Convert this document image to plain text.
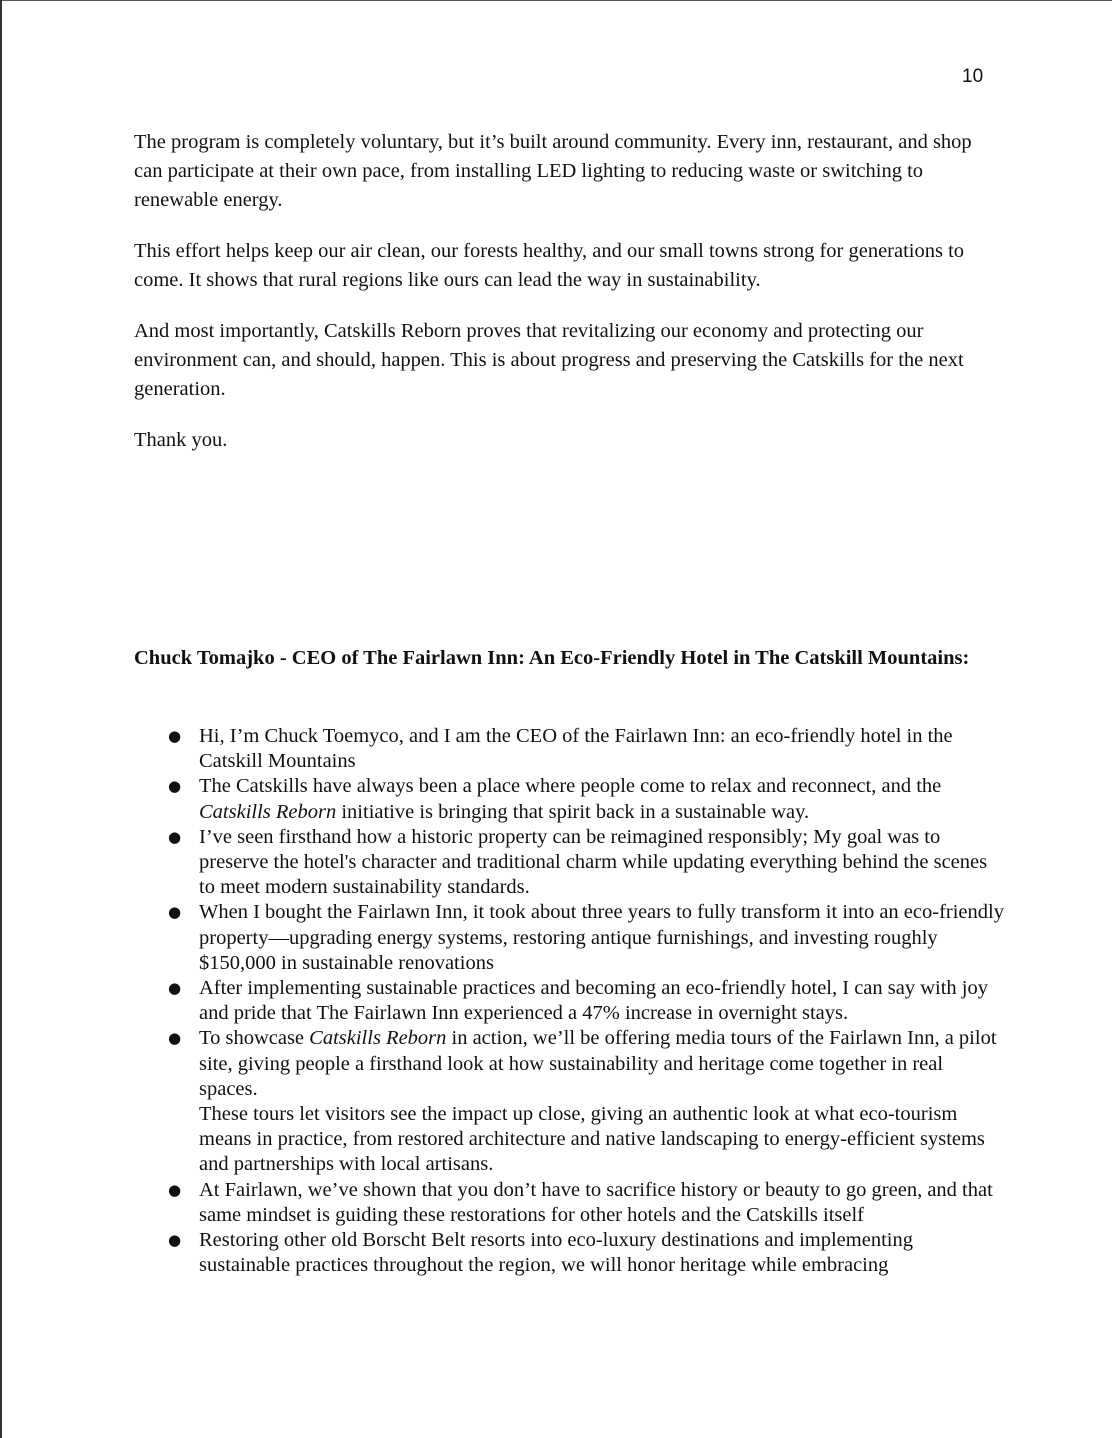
10

The program is completely voluntary, but it’s built around community. Every inn, restaurant, and shop can participate at their own pace, from installing LED lighting to reducing waste or switching to renewable energy.

This effort helps keep our air clean, our forests healthy, and our small towns strong for generations to come. It shows that rural regions like ours can lead the way in sustainability.

And most importantly, Catskills Reborn proves that revitalizing our economy and protecting our environment can, and should, happen. This is about progress and preserving the Catskills for the next generation.

Thank you.

Chuck Tomajko - CEO of The Fairlawn Inn: An Eco-Friendly Hotel in The Catskill Mountains:
● Hi, I’m Chuck Toemyco, and I am the CEO of the Fairlawn Inn: an eco-friendly hotel in the Catskill Mountains
● The Catskills have always been a place where people come to relax and reconnect, and the Catskills Reborn initiative is bringing that spirit back in a sustainable way.
● I’ve seen firsthand how a historic property can be reimagined responsibly; My goal was to preserve the hotel's character and traditional charm while updating everything behind the scenes to meet modern sustainability standards.
● When I bought the Fairlawn Inn, it took about three years to fully transform it into an eco-friendly property—upgrading energy systems, restoring antique furnishings, and investing roughly $150,000 in sustainable renovations
● After implementing sustainable practices and becoming an eco-friendly hotel, I can say with joy and pride that The Fairlawn Inn experienced a 47% increase in overnight stays.
● To showcase Catskills Reborn in action, we’ll be offering media tours of the Fairlawn Inn, a pilot site, giving people a firsthand look at how sustainability and heritage come together in real spaces.
These tours let visitors see the impact up close, giving an authentic look at what eco-tourism means in practice, from restored architecture and native landscaping to energy-efficient systems and partnerships with local artisans.
● At Fairlawn, we’ve shown that you don’t have to sacrifice history or beauty to go green, and that same mindset is guiding these restorations for other hotels and the Catskills itself
● Restoring other old Borscht Belt resorts into eco-luxury destinations and implementing sustainable practices throughout the region, we will honor heritage while embracing
